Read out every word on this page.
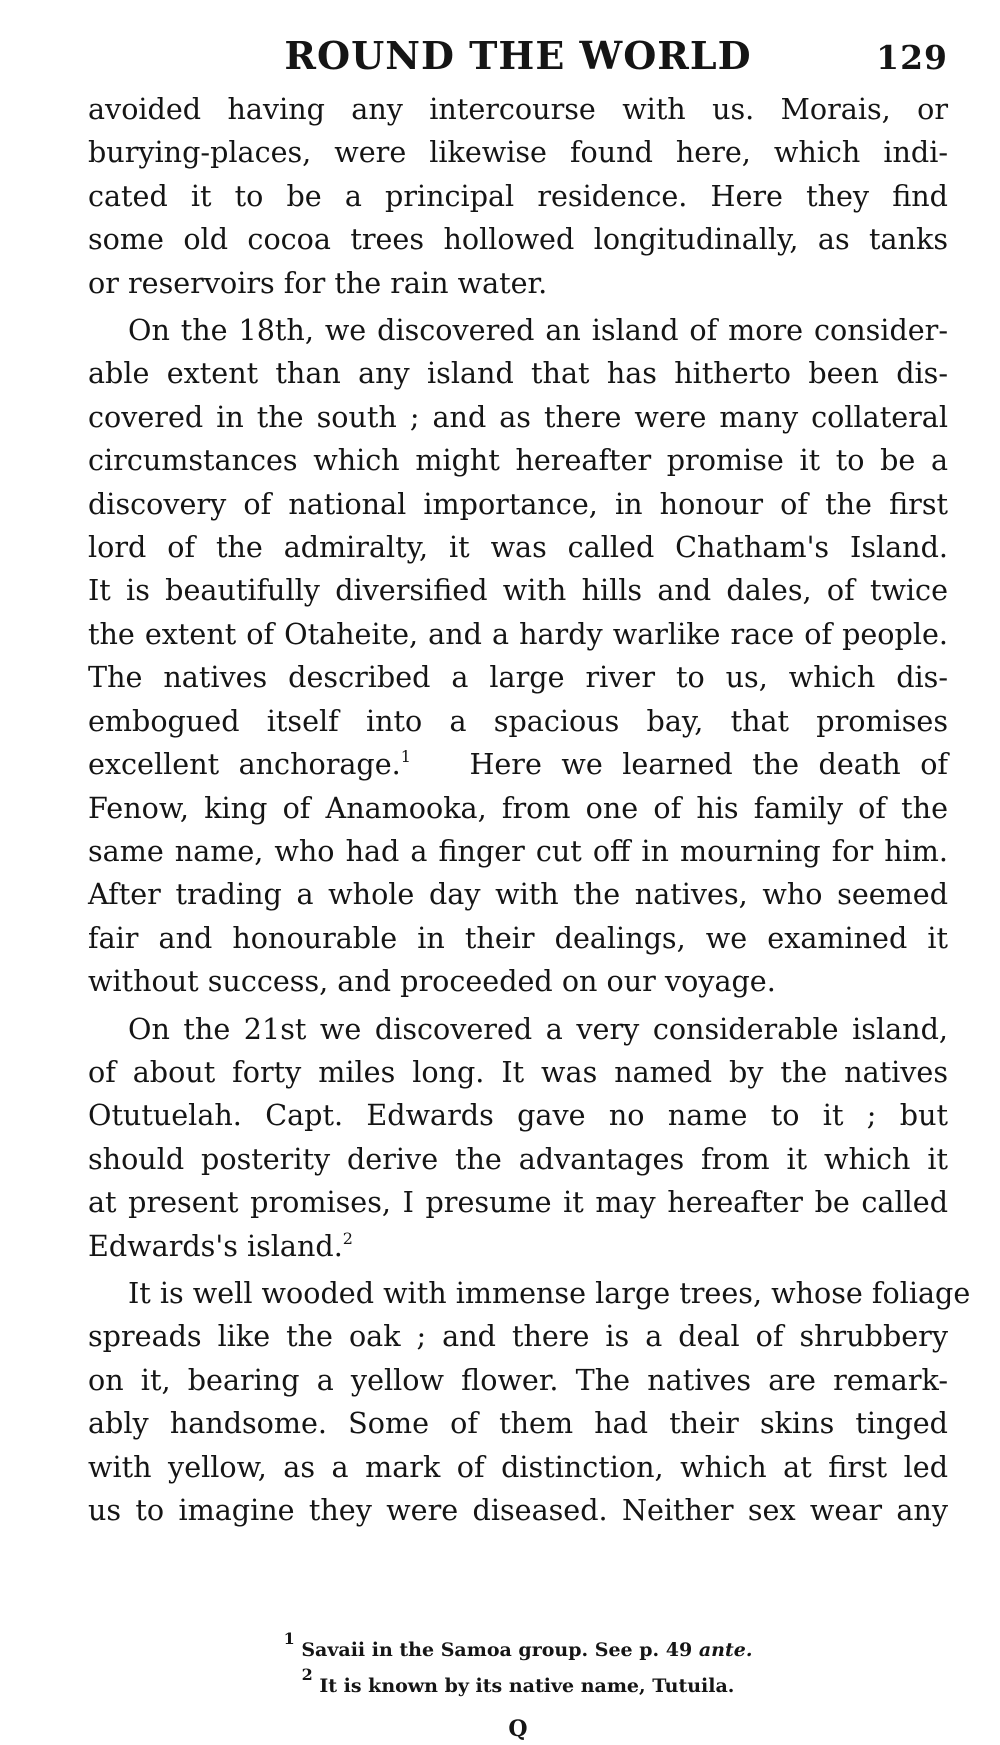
ROUND THE WORLD	129

avoided having any intercourse with us. Morais, or

burying-places, were likewise found here, which indi-

cated it to be a principal residence. Here they find

some old cocoa trees hollowed longitudinally, as tanks

or reservoirs for the rain water.

On the 18th, we discovered an island of more consider-

able extent than any island that has hitherto been dis-

covered in the south ; and as there were many collateral

circumstances which might hereafter promise it to be a

discovery of national importance, in honour of the first

lord of the admiralty, it was called Chatham's Island.

It is beautifully diversified with hills and dales, of twice

the extent of Otaheite, and a hardy warlike race of people.

The natives described a large river to us, which dis-

embogued itself into a spacious bay, that promises

excellent anchorage.$^1$ Here we learned the death of

Fenow, king of Anamooka, from one of his family of the

same name, who had a finger cut off in mourning for him.

After trading a whole day with the natives, who seemed

fair and honourable in their dealings, we examined it

without success, and proceeded on our voyage.

On the 21st we discovered a very considerable island,

of about forty miles long. It was named by the natives

Otutuelah. Capt. Edwards gave no name to it ; but

should posterity derive the advantages from it which it

at present promises, I presume it may hereafter be called

Edwards's island.$^2$

It is well wooded with immense large trees, whose foliage

spreads like the oak ; and there is a deal of shrubbery

on it, bearing a yellow flower. The natives are remark-

ably handsome. Some of them had their skins tinged

with yellow, as a mark of distinction, which at first led

us to imagine they were diseased. Neither sex wear any

$^1$ Savaii in the Samoa group. See p. 49 ante.
$^2$ It is known by its native name, Tutuila.
Q
